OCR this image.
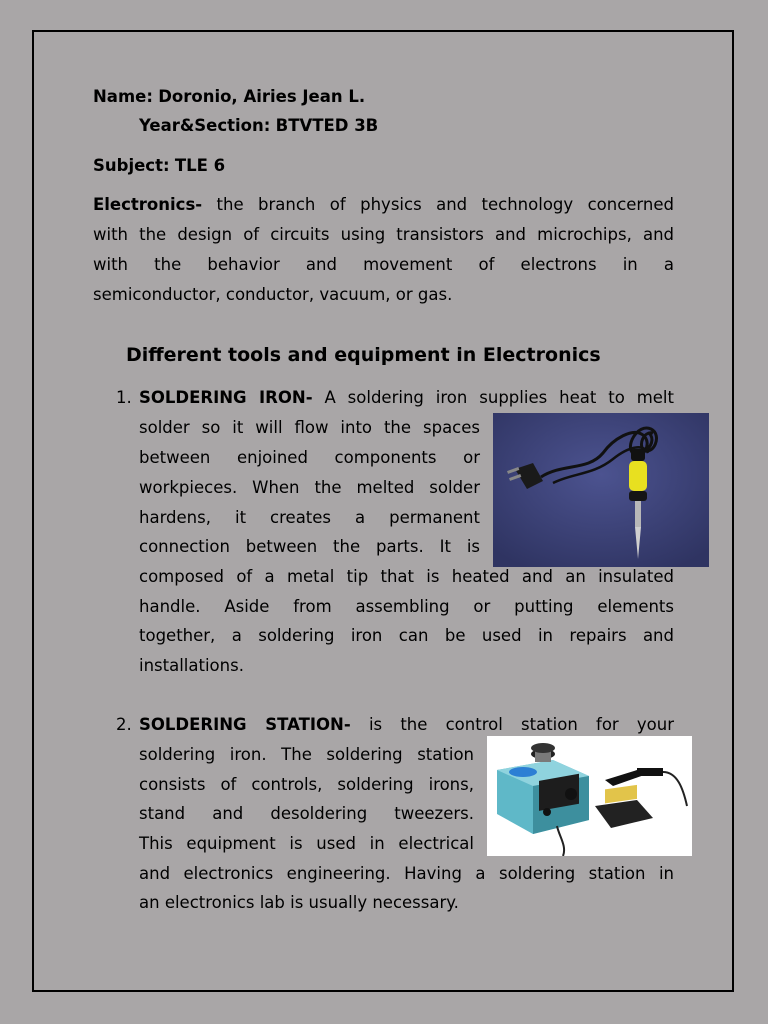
Name: Doronio, Airies Jean L.
Year&Section: BTVTED 3B
Subject: TLE 6
Electronics- the branch of physics and technology concerned
with the design of circuits using transistors and microchips, and
with the behavior and movement of electrons in a
semiconductor, conductor, vacuum, or gas.
Different tools and equipment in Electronics
1. SOLDERING IRON- A soldering iron supplies heat to melt
solder so it will flow into the spaces
between enjoined components or
workpieces. When the melted solder
hardens, it creates a permanent
connection between the parts. It is
composed of a metal tip that is heated and an insulated
handle. Aside from assembling or putting elements
together, a soldering iron can be used in repairs and
installations.
2. SOLDERING STATION- is the control station for your
soldering iron. The soldering station
consists of controls, soldering irons,
stand and desoldering tweezers.
This equipment is used in electrical
and electronics engineering. Having a soldering station in
an electronics lab is usually necessary.
